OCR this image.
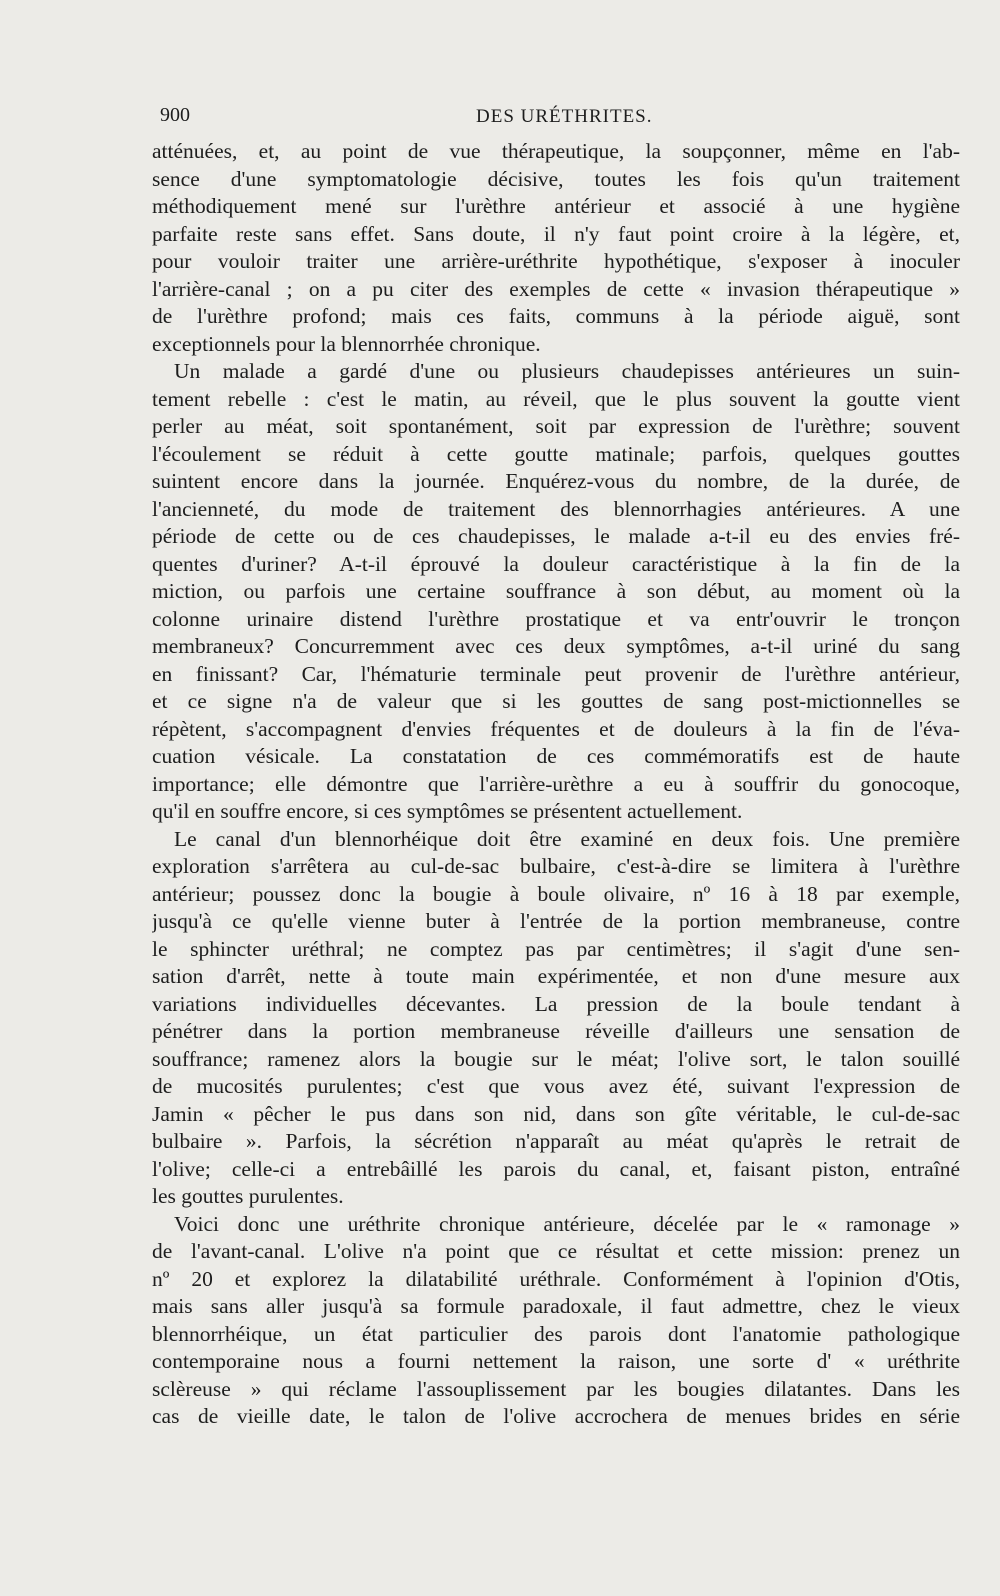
900	DES URÉTHRITES.
atténuées, et, au point de vue thérapeutique, la soupçonner, même en l'ab-
sence d'une symptomatologie décisive, toutes les fois qu'un traitement
méthodiquement mené sur l'urèthre antérieur et associé à une hygiène
parfaite reste sans effet. Sans doute, il n'y faut point croire à la légère, et,
pour vouloir traiter une arrière-uréthrite hypothétique, s'exposer à inoculer
l'arrière-canal ; on a pu citer des exemples de cette « invasion thérapeutique »
de l'urèthre profond; mais ces faits, communs à la période aiguë, sont
exceptionnels pour la blennorrhée chronique.
Un malade a gardé d'une ou plusieurs chaudepisses antérieures un suin-
tement rebelle : c'est le matin, au réveil, que le plus souvent la goutte vient
perler au méat, soit spontanément, soit par expression de l'urèthre; souvent
l'écoulement se réduit à cette goutte matinale; parfois, quelques gouttes
suintent encore dans la journée. Enquérez-vous du nombre, de la durée, de
l'ancienneté, du mode de traitement des blennorrhagies antérieures. A une
période de cette ou de ces chaudepisses, le malade a-t-il eu des envies fré-
quentes d'uriner? A-t-il éprouvé la douleur caractéristique à la fin de la
miction, ou parfois une certaine souffrance à son début, au moment où la
colonne urinaire distend l'urèthre prostatique et va entr'ouvrir le tronçon
membraneux? Concurremment avec ces deux symptômes, a-t-il uriné du sang
en finissant? Car, l'hématurie terminale peut provenir de l'urèthre antérieur,
et ce signe n'a de valeur que si les gouttes de sang post-mictionnelles se
répètent, s'accompagnent d'envies fréquentes et de douleurs à la fin de l'éva-
cuation vésicale. La constatation de ces commémoratifs est de haute
importance; elle démontre que l'arrière-urèthre a eu à souffrir du gonocoque,
qu'il en souffre encore, si ces symptômes se présentent actuellement.
Le canal d'un blennorhéique doit être examiné en deux fois. Une première
exploration s'arrêtera au cul-de-sac bulbaire, c'est-à-dire se limitera à l'urèthre
antérieur; poussez donc la bougie à boule olivaire, nº 16 à 18 par exemple,
jusqu'à ce qu'elle vienne buter à l'entrée de la portion membraneuse, contre
le sphincter uréthral; ne comptez pas par centimètres; il s'agit d'une sen-
sation d'arrêt, nette à toute main expérimentée, et non d'une mesure aux
variations individuelles décevantes. La pression de la boule tendant à
pénétrer dans la portion membraneuse réveille d'ailleurs une sensation de
souffrance; ramenez alors la bougie sur le méat; l'olive sort, le talon souillé
de mucosités purulentes; c'est que vous avez été, suivant l'expression de
Jamin « pêcher le pus dans son nid, dans son gîte véritable, le cul-de-sac
bulbaire ». Parfois, la sécrétion n'apparaît au méat qu'après le retrait de
l'olive; celle-ci a entrebâillé les parois du canal, et, faisant piston, entraîné
les gouttes purulentes.
Voici donc une uréthrite chronique antérieure, décelée par le « ramonage »
de l'avant-canal. L'olive n'a point que ce résultat et cette mission: prenez un
nº 20 et explorez la dilatabilité uréthrale. Conformément à l'opinion d'Otis,
mais sans aller jusqu'à sa formule paradoxale, il faut admettre, chez le vieux
blennorrhéique, un état particulier des parois dont l'anatomie pathologique
contemporaine nous a fourni nettement la raison, une sorte d' « uréthrite
sclèreuse » qui réclame l'assouplissement par les bougies dilatantes. Dans les
cas de vieille date, le talon de l'olive accrochera de menues brides en série
